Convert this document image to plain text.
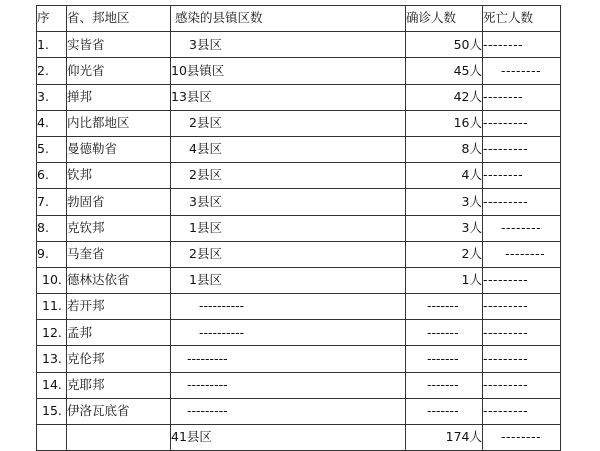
序	省、邦地区	感染的县镇区数	确诊人数	死亡人数
1.	实皆省	3县区	50人	--------
2.	仰光省	10县镇区	45人	--------
3.	掸邦	13县区	42人	--------
4.	内比都地区	2县区	16人	---------
5.	曼德勒省	4县区	8人	---------
6.	钦邦	2县区	4人	--------
7.	勃固省	3县区	3人	---------
8.	克钦邦	1县区	3人	--------
9.	马奎省	2县区	2人	--------
10.	德林达依省	1县区	1人	---------
11.	若开邦	----------	-------	---------
12.	孟邦	----------	-------	---------
13.	克伦邦	---------	-------	---------
14.	克耶邦	---------	-------	---------
15.	伊洛瓦底省	---------	-------	---------
		41县区	174人	--------
